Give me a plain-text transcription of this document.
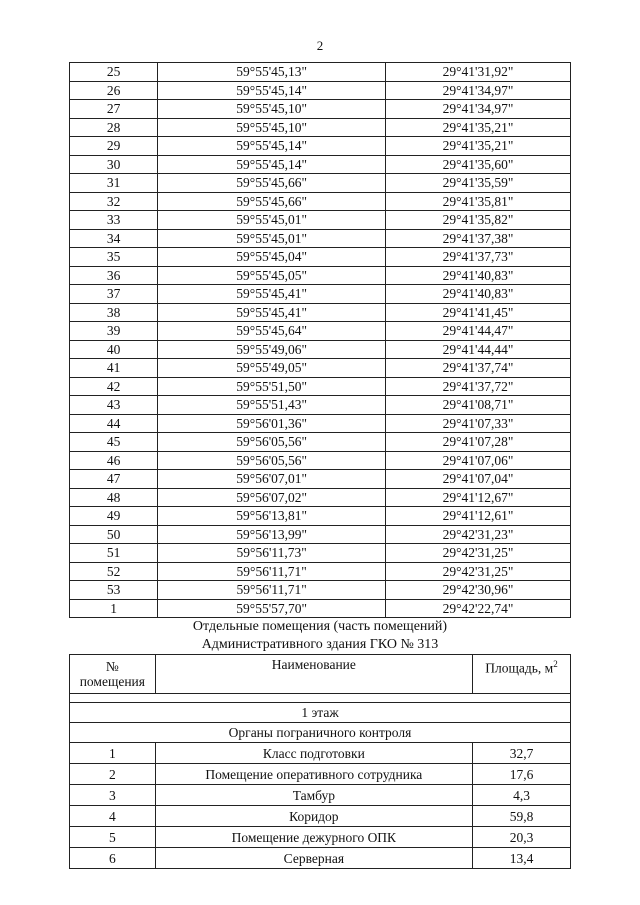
2
25	59°55'45,13"	29°41'31,92"
26	59°55'45,14"	29°41'34,97"
27	59°55'45,10"	29°41'34,97"
28	59°55'45,10"	29°41'35,21"
29	59°55'45,14"	29°41'35,21"
30	59°55'45,14"	29°41'35,60"
31	59°55'45,66"	29°41'35,59"
32	59°55'45,66"	29°41'35,81"
33	59°55'45,01"	29°41'35,82"
34	59°55'45,01"	29°41'37,38"
35	59°55'45,04"	29°41'37,73"
36	59°55'45,05"	29°41'40,83"
37	59°55'45,41"	29°41'40,83"
38	59°55'45,41"	29°41'41,45"
39	59°55'45,64"	29°41'44,47"
40	59°55'49,06"	29°41'44,44"
41	59°55'49,05"	29°41'37,74"
42	59°55'51,50"	29°41'37,72"
43	59°55'51,43"	29°41'08,71"
44	59°56'01,36"	29°41'07,33"
45	59°56'05,56"	29°41'07,28"
46	59°56'05,56"	29°41'07,06"
47	59°56'07,01"	29°41'07,04"
48	59°56'07,02"	29°41'12,67"
49	59°56'13,81"	29°41'12,61"
50	59°56'13,99"	29°42'31,23"
51	59°56'11,73"	29°42'31,25"
52	59°56'11,71"	29°42'31,25"
53	59°56'11,71"	29°42'30,96"
1	59°55'57,70"	29°42'22,74"
Отдельные помещения (часть помещений)
Административного здания ГКО № 313
№
помещения	Наименование	Площадь, $м^2$

1 этаж		
Органы пограничного контроля		
1	Класс подготовки	32,7
2	Помещение оперативного сотрудника	17,6
3	Тамбур	4,3
4	Коридор	59,8
5	Помещение дежурного ОПК	20,3
6	Серверная	13,4
